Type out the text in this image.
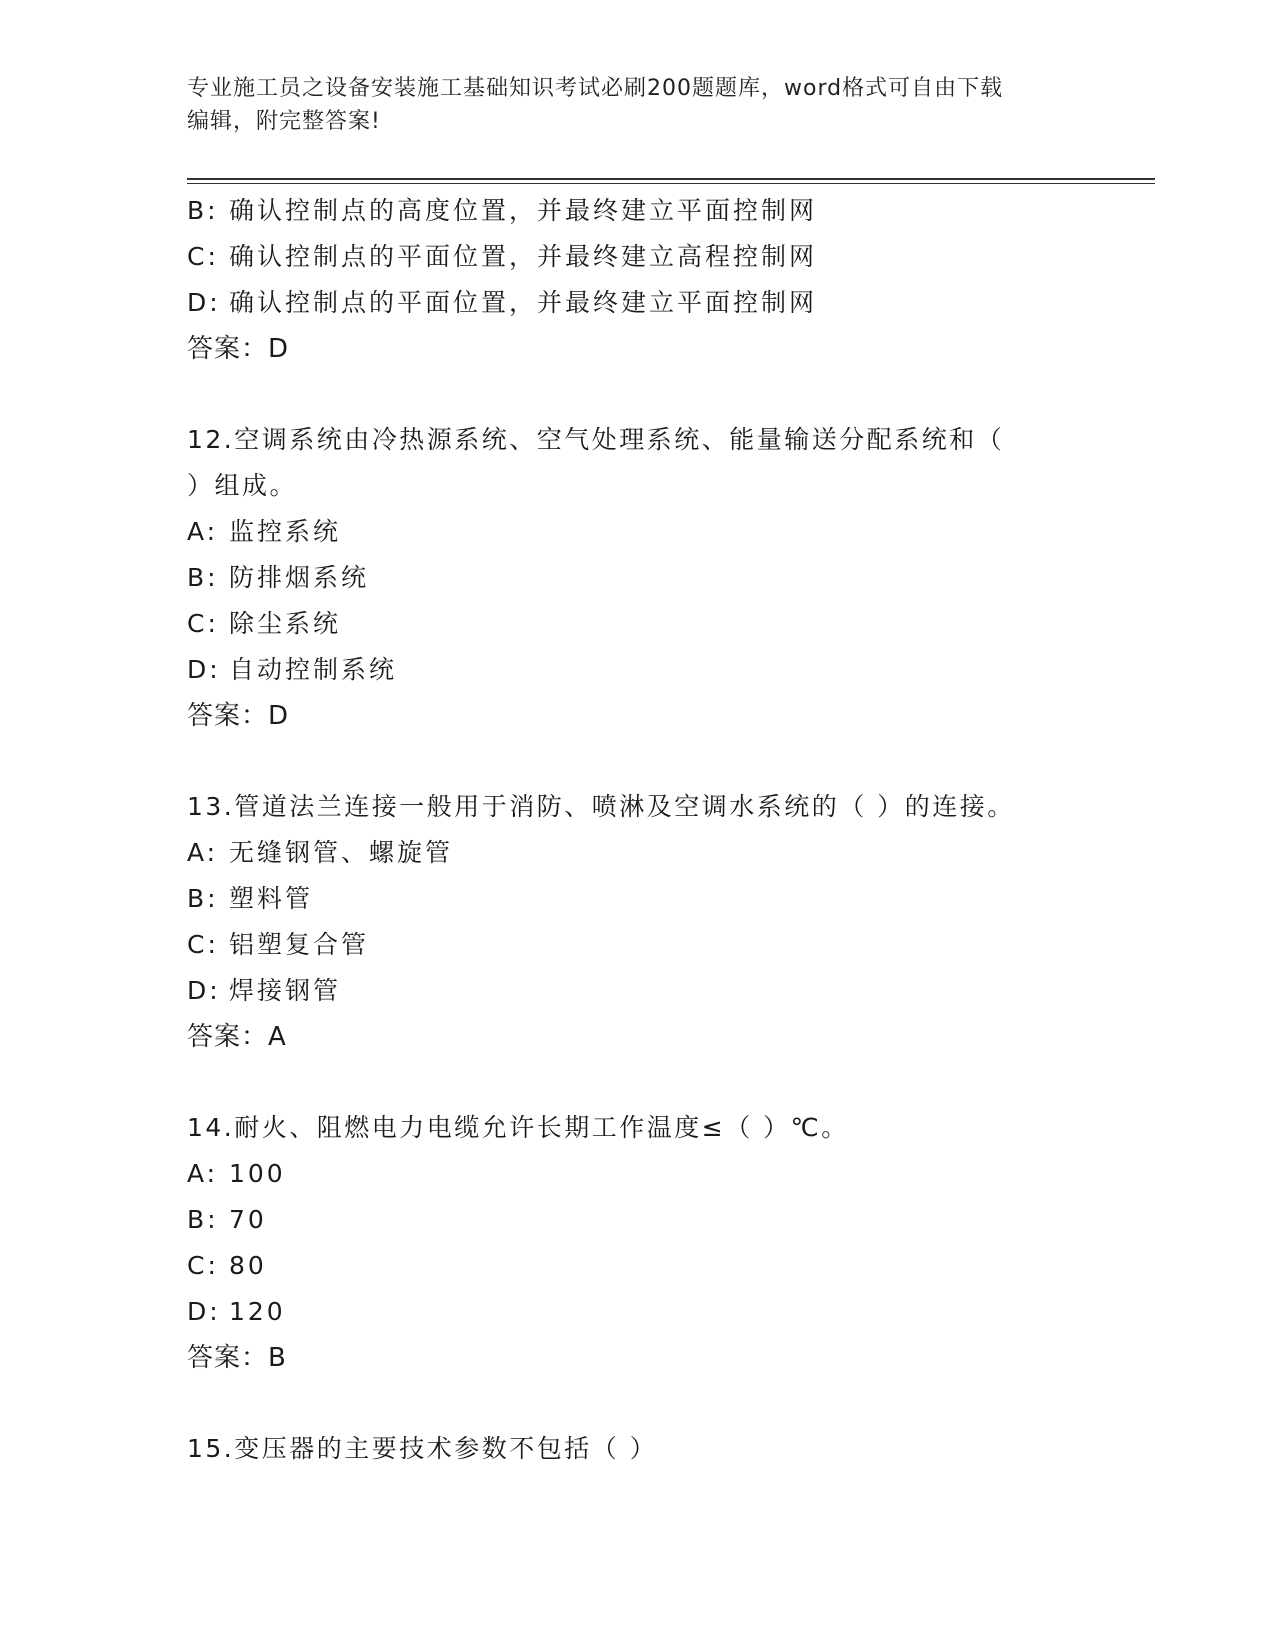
专业施工员之设备安装施工基础知识考试必刷200题题库，word格式可自由下载
编辑，附完整答案!
B: 确认控制点的高度位置，并最终建立平面控制网
C: 确认控制点的平面位置，并最终建立高程控制网
D: 确认控制点的平面位置，并最终建立平面控制网
答案：D
12.空调系统由冷热源系统、空气处理系统、能量输送分配系统和（
）组成。
A: 监控系统
B: 防排烟系统
C: 除尘系统
D: 自动控制系统
答案：D
13.管道法兰连接一般用于消防、喷淋及空调水系统的（ ）的连接。
A: 无缝钢管、螺旋管
B: 塑料管
C: 铝塑复合管
D: 焊接钢管
答案：A
14.耐火、阻燃电力电缆允许长期工作温度≤（ ）℃。
A: 100
B: 70
C: 80
D: 120
答案：B
15.变压器的主要技术参数不包括（ ）
